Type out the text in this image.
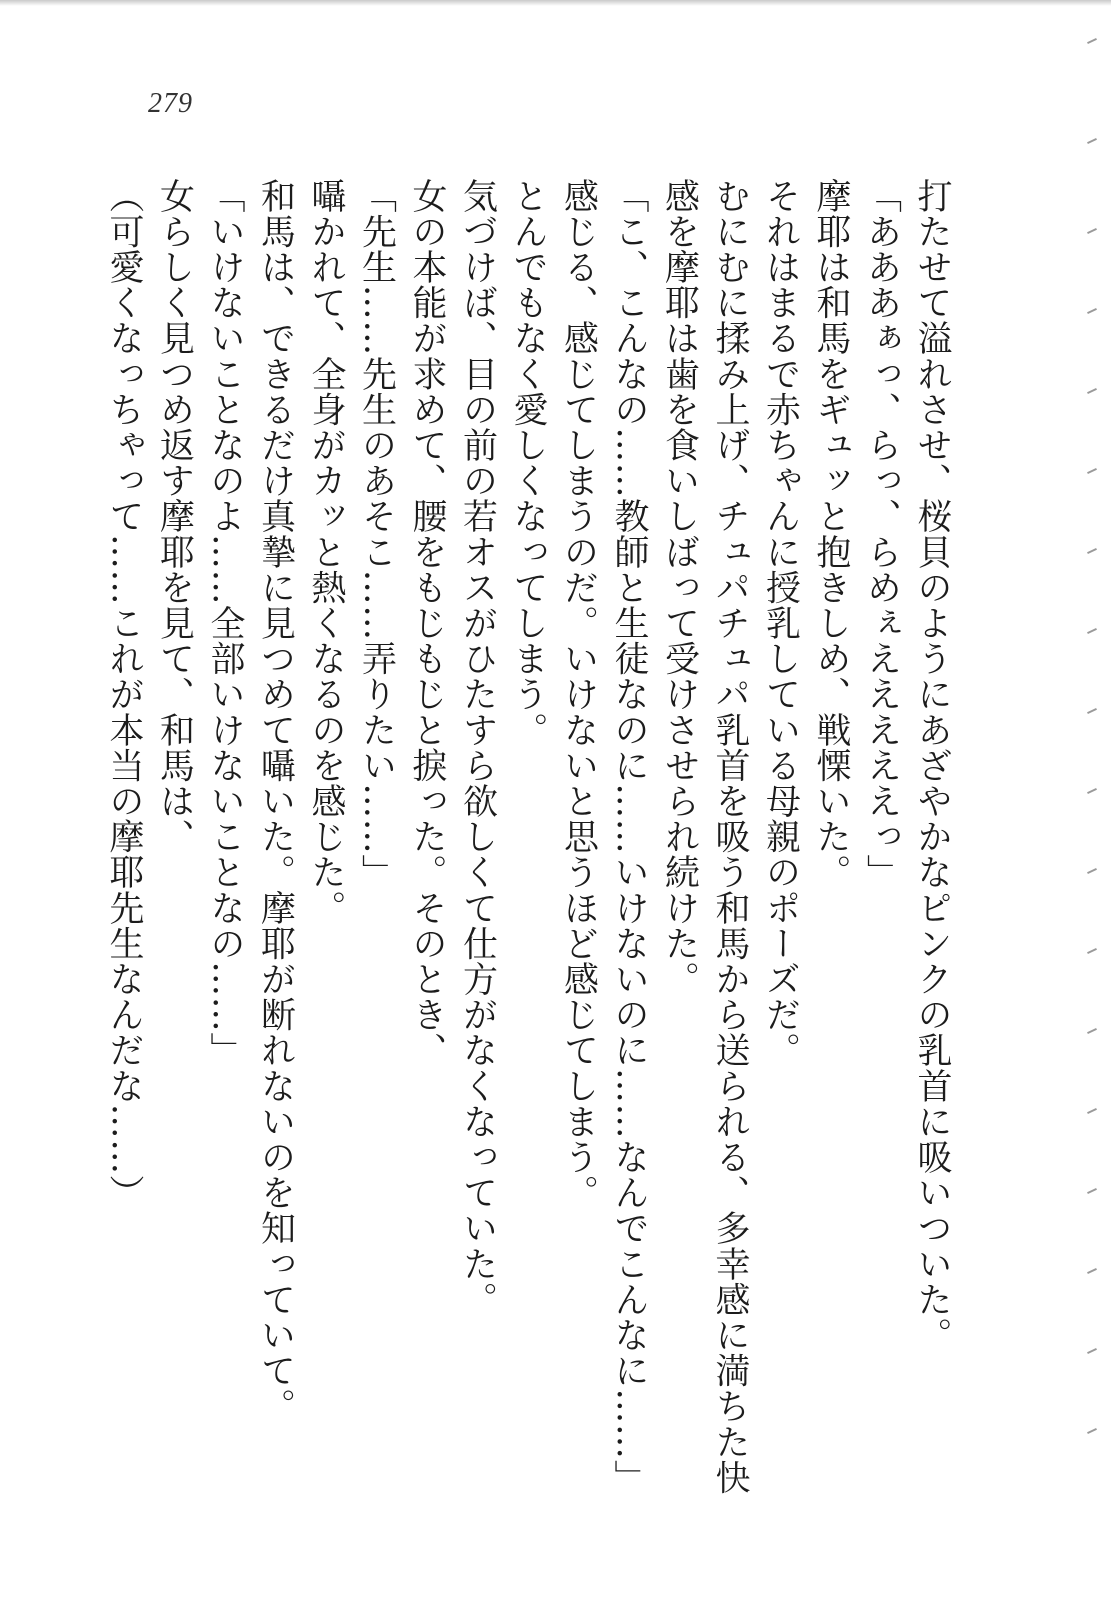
279
打たせて溢れさせ、桜貝のようにあざやかなピンクの乳首に吸いついた。
「あああぁっ、らっ、らめぇえええええっ」
摩耶は和馬をギュッと抱きしめ、戦慄いた。
それはまるで赤ちゃんに授乳している母親のポーズだ。
むにむに揉み上げ、チュパチュパ乳首を吸う和馬から送られる、多幸感に満ちた快
感を摩耶は歯を食いしばって受けさせられ続けた。
「こ、こんなの……教師と生徒なのに……いけないのに……なんでこんなに……」
感じる、感じてしまうのだ。いけないと思うほど感じてしまう。
とんでもなく愛しくなってしまう。
気づけば、目の前の若オスがひたすら欲しくて仕方がなくなっていた。
女の本能が求めて、腰をもじもじと捩った。そのとき、
「先生……先生のあそこ……弄りたい……」
囁かれて、全身がカッと熱くなるのを感じた。
和馬は、できるだけ真摯に見つめて囁いた。摩耶が断れないのを知っていて。
「いけないことなのよ……全部いけないことなの……」
女らしく見つめ返す摩耶を見て、和馬は、
（可愛くなっちゃって……これが本当の摩耶先生なんだな……）
